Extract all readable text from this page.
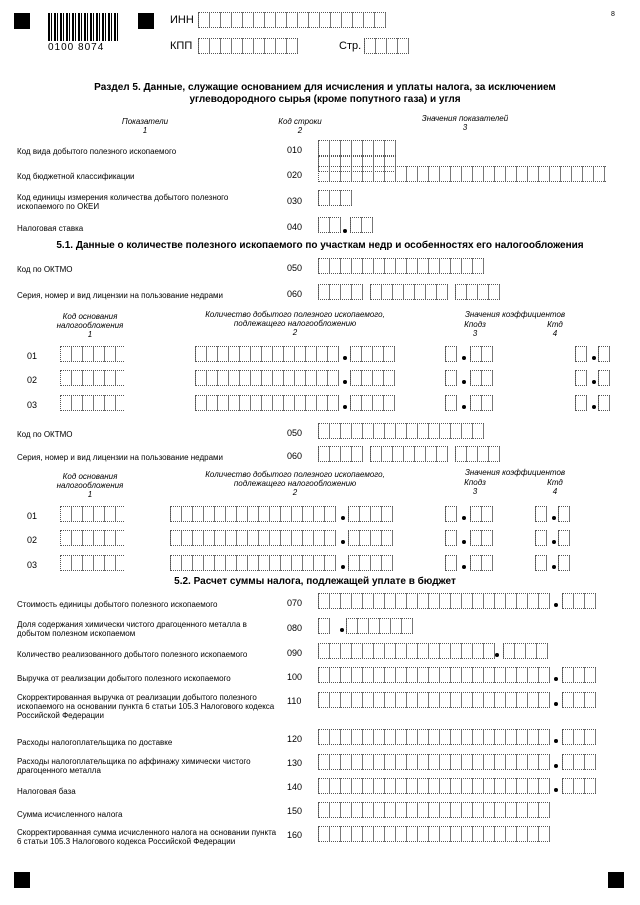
0100 8074
ИНН
КПП	Стр.
8
Раздел 5. Данные, служащие основанием для исчисления и уплаты налога, за исключением углеводородного сырья (кроме попутного газа) и угля
Показатели
1
Код строки
2
Значения показателей
3
Код вида добытого полезного ископаемого	010
Код бюджетной классификации	020
Код единицы измерения количества добытого полезного ископаемого по ОКЕИ
030
Налоговая ставка	040
5.1. Данные о количестве полезного ископаемого по участкам недр и особенностях его налогообложения
Код по ОКТМО	050
Серия, номер и вид лицензии на пользование недрами	060
Код основания налогообложения
1
Количество добытого полезного ископаемого, подлежащего налогообложению
2
Значения коэффициентов
Кподз
3
Ктд
4
01
02
03
Код по ОКТМО	050
Серия, номер и вид лицензии на пользование недрами	060
Код основания налогообложения
1
Количество добытого полезного ископаемого, подлежащего налогообложению
2
Значения коэффициентов
Кподз
3
Ктд
4
01
02
03
5.2. Расчет суммы налога, подлежащей уплате в бюджет
Стоимость единицы добытого полезного ископаемого	070
Доля содержания химически чистого драгоценного металла в добытом полезном ископаемом
080
Количество реализованного добытого полезного ископаемого	090
Выручка от реализации добытого полезного ископаемого	100
Скорректированная выручка от реализации добытого полезного ископаемого на основании пункта 6 статьи 105.3 Налогового кодекса Российской Федерации
110
Расходы налогоплательщика по доставке	120
Расходы налогоплательщика по аффинажу химически чистого драгоценного металла
130
Налоговая база	140
Сумма исчисленного налога	150
Скорректированная сумма исчисленного налога на основании пункта 6 статьи 105.3 Налогового кодекса Российской Федерации
160
